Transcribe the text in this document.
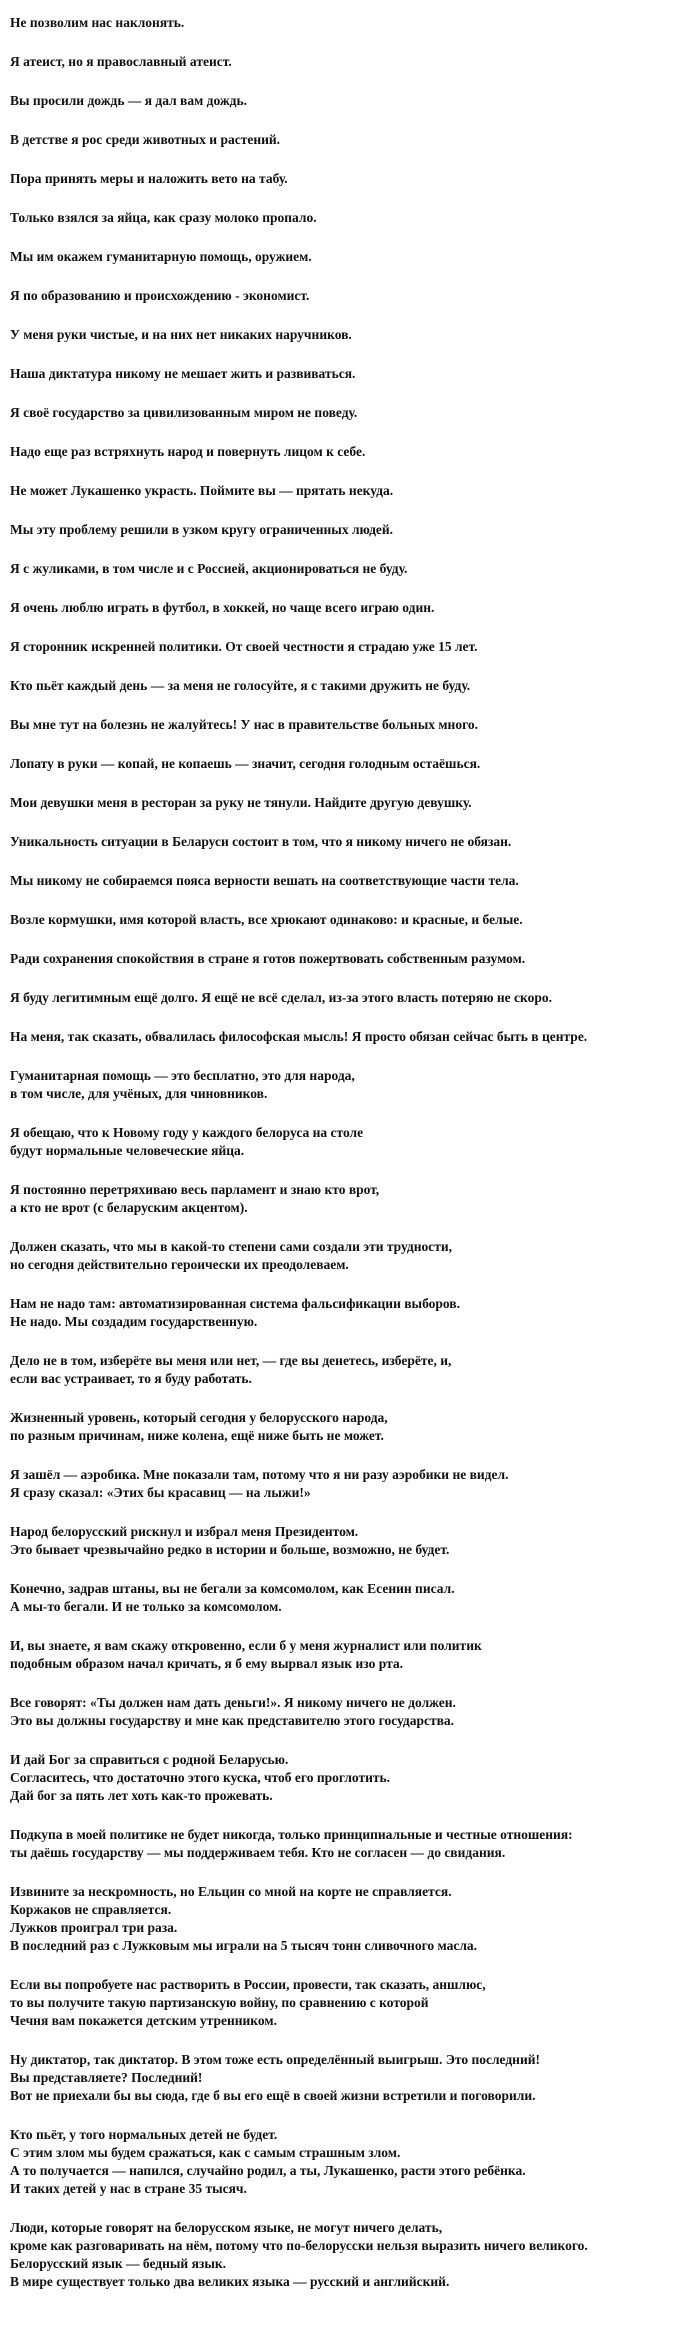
Не позволим нас наклонять.
Я атеист, но я православный атеист.
Вы просили дождь — я дал вам дождь.
В детстве я рос среди животных и растений.
Пора принять меры и наложить вето на табу.
Только взялся за яйца, как сразу молоко пропало.
Мы им окажем гуманитарную помощь, оружием.
Я по образованию и происхождению - экономист.
У меня руки чистые, и на них нет никаких наручников.
Наша диктатура никому не мешает жить и развиваться.
Я своё государство за цивилизованным миром не поведу.
Надо еще раз встряхнуть народ и повернуть лицом к себе.
Не может Лукашенко украсть. Поймите вы — прятать некуда.
Мы эту проблему решили в узком кругу ограниченных людей.
Я с жуликами, в том числе и с Россией, акционироваться не буду.
Я очень люблю играть в футбол, в хоккей, но чаще всего играю один.
Я сторонник искренней политики. От своей честности я страдаю уже 15 лет.
Кто пьёт каждый день — за меня не голосуйте, я с такими дружить не буду.
Вы мне тут на болезнь не жалуйтесь! У нас в правительстве больных много.
Лопату в руки — копай, не копаешь — значит, сегодня голодным остаёшься.
Мои девушки меня в ресторан за руку не тянули. Найдите другую девушку.
Уникальность ситуации в Беларуси состоит в том, что я никому ничего не обязан.
Мы никому не собираемся пояса верности вешать на соответствующие части тела.
Возле кормушки, имя которой власть, все хрюкают одинаково: и красные, и белые.
Ради сохранения спокойствия в стране я готов пожертвовать собственным разумом.
Я буду легитимным ещё долго. Я ещё не всё сделал, из-за этого власть потеряю не скоро.
На меня, так сказать, обвалилась философская мысль! Я просто обязан сейчас быть в центре.
Гуманитарная помощь — это бесплатно, это для народа,
в том числе, для учёных, для чиновников.
Я обещаю, что к Новому году у каждого белоруса на столе
будут нормальные человеческие яйца.
Я постоянно перетряхиваю весь парламент и знаю кто врот,
а кто не врот (с беларуским акцентом).
Должен сказать, что мы в какой-то степени сами создали эти трудности,
но сегодня действительно героически их преодолеваем.
Нам не надо там: автоматизированная система фальсификации выборов.
Не надо. Мы создадим государственную.
Дело не в том, изберёте вы меня или нет, — где вы денетесь, изберёте, и,
если вас устраивает, то я буду работать.
Жизненный уровень, который сегодня у белорусского народа,
по разным причинам, ниже колена, ещё ниже быть не может.
Я зашёл — аэробика. Мне показали там, потому что я ни разу аэробики не видел.
Я сразу сказал: «Этих бы красавиц — на лыжи!»
Народ белорусский рискнул и избрал меня Президентом.
Это бывает чрезвычайно редко в истории и больше, возможно, не будет.
Конечно, задрав штаны, вы не бегали за комсомолом, как Есенин писал.
А мы-то бегали. И не только за комсомолом.
И, вы знаете, я вам скажу откровенно, если б у меня журналист или политик
подобным образом начал кричать, я б ему вырвал язык изо рта.
Все говорят: «Ты должен нам дать деньги!». Я никому ничего не должен.
Это вы должны государству и мне как представителю этого государства.
И дай Бог за справиться с родной Беларусью.
Согласитесь, что достаточно этого куска, чтоб его проглотить.
Дай бог за пять лет хоть как-то прожевать.
Подкупа в моей политике не будет никогда, только принципиальные и честные отношения:
ты даёшь государству — мы поддерживаем тебя. Кто не согласен — до свидания.
Извините за нескромность, но Ельцин со мной на корте не справляется.
Коржаков не справляется.
Лужков проиграл три раза.
В последний раз с Лужковым мы играли на 5 тысяч тонн сливочного масла.
Если вы попробуете нас растворить в России, провести, так сказать, аншлюс,
то вы получите такую партизанскую войну, по сравнению с которой
Чечня вам покажется детским утренником.
Ну диктатор, так диктатор. В этом тоже есть определённый выигрыш. Это последний!
Вы представляете? Последний!
Вот не приехали бы вы сюда, где б вы его ещё в своей жизни встретили и поговорили.
Кто пьёт, у того нормальных детей не будет.
С этим злом мы будем сражаться, как с самым страшным злом.
А то получается — напился, случайно родил, а ты, Лукашенко, расти этого ребёнка.
И таких детей у нас в стране 35 тысяч.
Люди, которые говорят на белорусском языке, не могут ничего делать,
кроме как разговаривать на нём, потому что по-белорусски нельзя выразить ничего великого.
Белорусский язык — бедный язык.
В мире существует только два великих языка — русский и английский.
